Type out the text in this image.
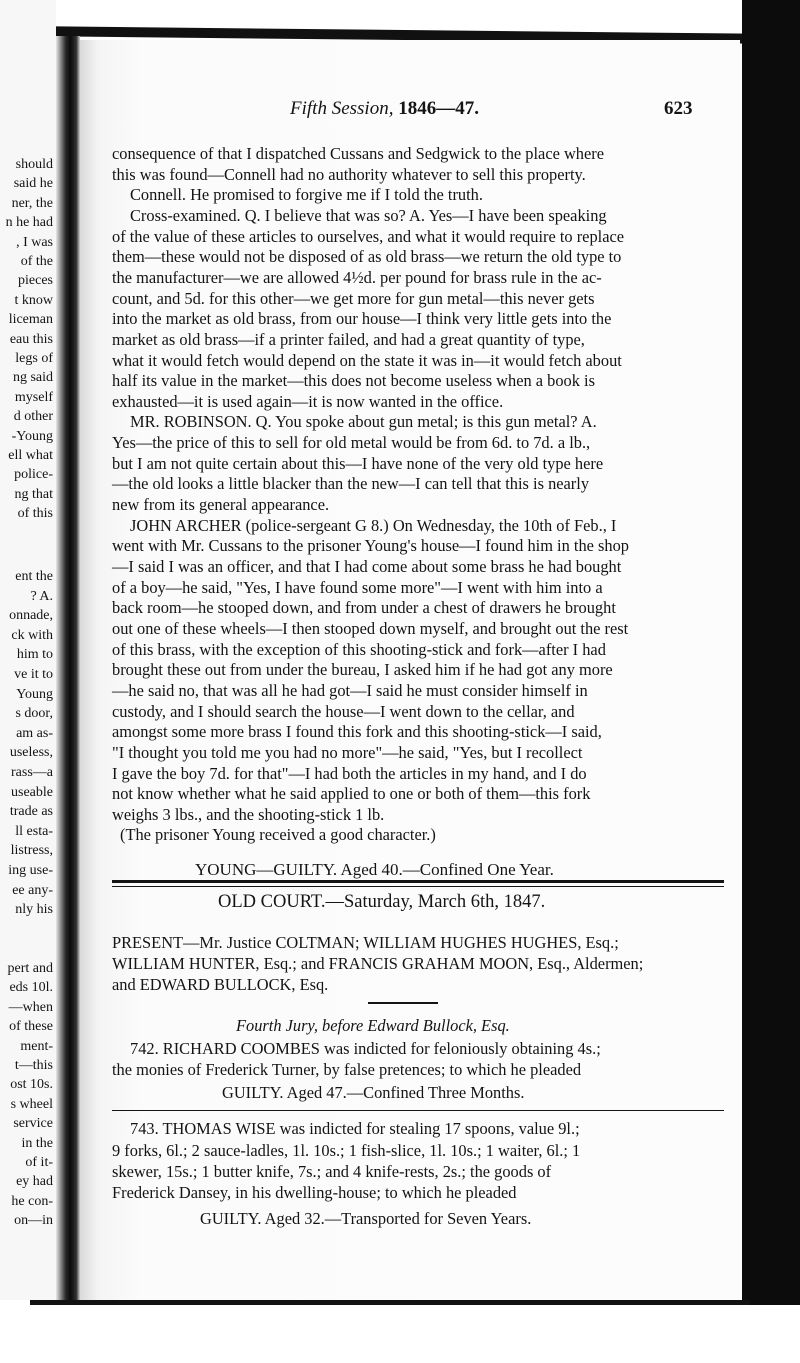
should
said he
ner, the
n he had
, I was
of the
pieces
t know
liceman
eau this
legs of
ng said
myself
d other
-Young
ell what
police-
ng that
of this
ent the
? A.
onnade,
ck with
him to
ve it to
Young
s door,
am as-
useless,
rass—a
useable
trade as
ll esta-
listress,
ing use-
ee any-
nly his
pert and
eds 10l.
—when
of these
ment-
t—this
ost 10s.
s wheel
service
in the
of it-
ey had
he con-
on—in
Fifth Session, 1846—47.	623
consequence of that I dispatched Cussans and Sedgwick to the place where
this was found—Connell had no authority whatever to sell this property.
Connell. He promised to forgive me if I told the truth.
Cross-examined. Q. I believe that was so? A. Yes—I have been speaking
of the value of these articles to ourselves, and what it would require to replace
them—these would not be disposed of as old brass—we return the old type to
the manufacturer—we are allowed 4½d. per pound for brass rule in the ac-
count, and 5d. for this other—we get more for gun metal—this never gets
into the market as old brass, from our house—I think very little gets into the
market as old brass—if a printer failed, and had a great quantity of type,
what it would fetch would depend on the state it was in—it would fetch about
half its value in the market—this does not become useless when a book is
exhausted—it is used again—it is now wanted in the office.
MR. ROBINSON. Q. You spoke about gun metal; is this gun metal? A.
Yes—the price of this to sell for old metal would be from 6d. to 7d. a lb.,
but I am not quite certain about this—I have none of the very old type here
—the old looks a little blacker than the new—I can tell that this is nearly
new from its general appearance.
JOHN ARCHER (police-sergeant G 8.) On Wednesday, the 10th of Feb., I
went with Mr. Cussans to the prisoner Young's house—I found him in the shop
—I said I was an officer, and that I had come about some brass he had bought
of a boy—he said, "Yes, I have found some more"—I went with him into a
back room—he stooped down, and from under a chest of drawers he brought
out one of these wheels—I then stooped down myself, and brought out the rest
of this brass, with the exception of this shooting-stick and fork—after I had
brought these out from under the bureau, I asked him if he had got any more
—he said no, that was all he had got—I said he must consider himself in
custody, and I should search the house—I went down to the cellar, and
amongst some more brass I found this fork and this shooting-stick—I said,
"I thought you told me you had no more"—he said, "Yes, but I recollect
I gave the boy 7d. for that"—I had both the articles in my hand, and I do
not know whether what he said applied to one or both of them—this fork
weighs 3 lbs., and the shooting-stick 1 lb.
(The prisoner Young received a good character.)
YOUNG—GUILTY. Aged 40.—Confined One Year.
OLD COURT.—Saturday, March 6th, 1847.
PRESENT—Mr. Justice COLTMAN; WILLIAM HUGHES HUGHES, Esq.;
WILLIAM HUNTER, Esq.; and FRANCIS GRAHAM MOON, Esq., Aldermen;
and EDWARD BULLOCK, Esq.
Fourth Jury, before Edward Bullock, Esq.
742. RICHARD COOMBES was indicted for feloniously obtaining 4s.;
the monies of Frederick Turner, by false pretences; to which he pleaded
GUILTY. Aged 47.—Confined Three Months.
743. THOMAS WISE was indicted for stealing 17 spoons, value 9l.;
9 forks, 6l.; 2 sauce-ladles, 1l. 10s.; 1 fish-slice, 1l. 10s.; 1 waiter, 6l.; 1
skewer, 15s.; 1 butter knife, 7s.; and 4 knife-rests, 2s.; the goods of
Frederick Dansey, in his dwelling-house; to which he pleaded
GUILTY. Aged 32.—Transported for Seven Years.
